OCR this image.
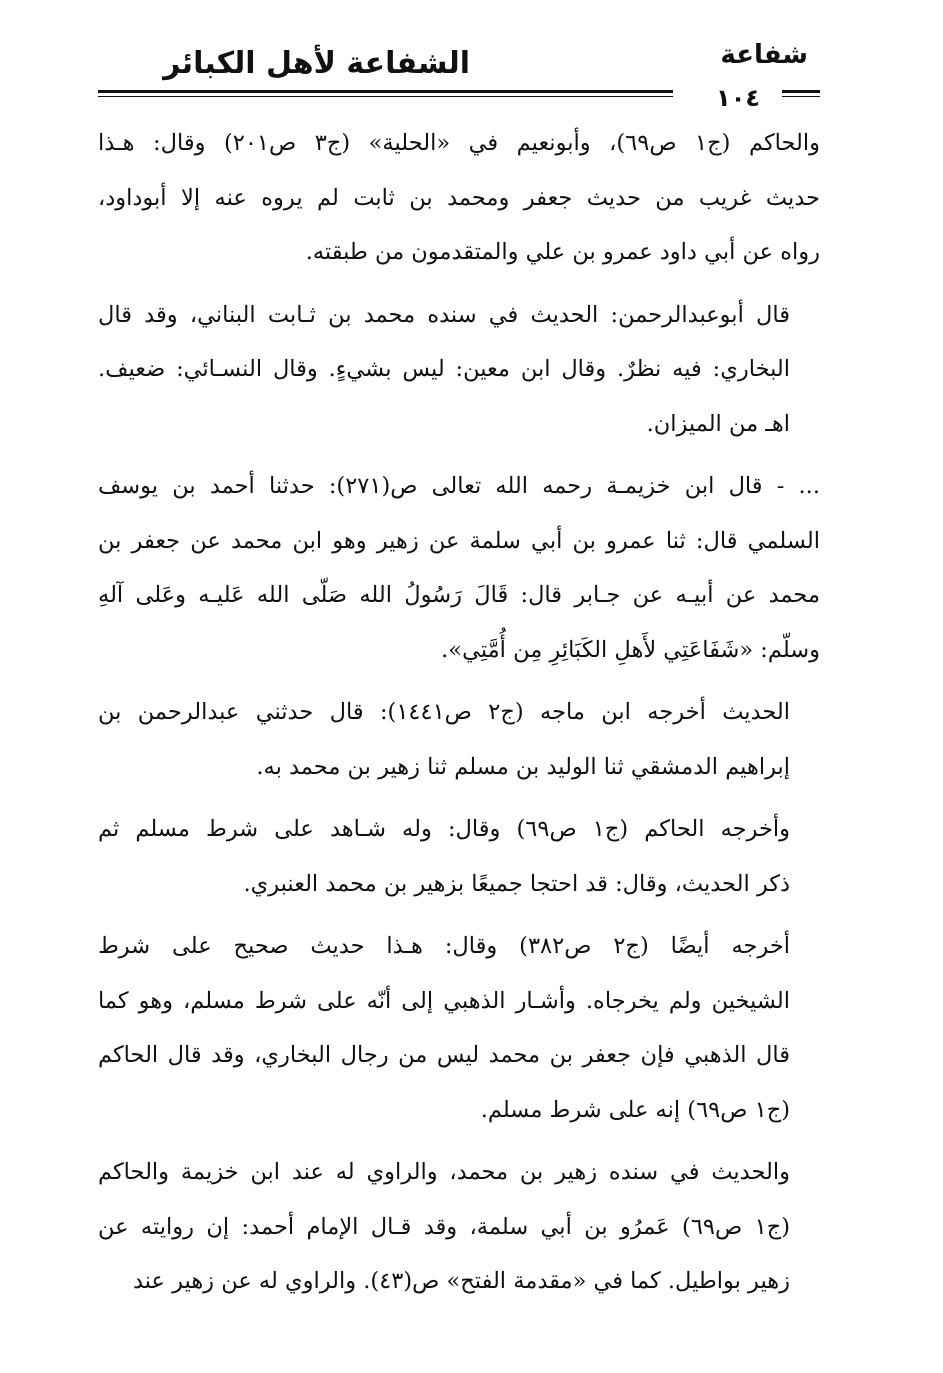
شفاعة
١٠٤
الشفاعة لأهل الكبائر
والحاكم (ج١ ص٦٩)، وأبونعيم في «الحلية» (ج٣ ص٢٠١) وقال: هـذا
حديث غريب من حديث جعفر ومحمد بن ثابت لم يروه عنه إلا أبوداود،
رواه عن أبي داود عمرو بن علي والمتقدمون من طبقته.
قال أبوعبدالرحمن: الحديث في سنده محمد بن ثـابت البناني، وقد قال
البخاري: فيه نظرٌ. وقال ابن معين: ليس بشيءٍ. وقال النسـائي: ضعيف.
اهـ من الميزان.
... - قال ابن خزيمـة رحمه الله تعالى ص(٢٧١): حدثنا أحمد بن يوسف
السلمي قال: ثنا عمرو بن أبي سلمة عن زهير وهو ابن محمد عن جعفر بن
محمد عن أبيـه عن جـابر قال: قَالَ رَسُولُ الله صَلّى الله عَليـه وعَلى آلهِ
وسلّم: «شَفَاعَتِي لأَهلِ الكَبَائِرِ مِن أُمَّتِي».
الحديث أخرجه ابن ماجه (ج٢ ص١٤٤١): قال حدثني عبدالرحمن بن
إبراهيم الدمشقي ثنا الوليد بن مسلم ثنا زهير بن محمد به.
وأخرجه الحاكم (ج١ ص٦٩) وقال: وله شـاهد على شرط مسلم ثم
ذكر الحديث، وقال: قد احتجا جميعًا بزهير بن محمد العنبري.
أخرجه أيضًا (ج٢ ص٣٨٢) وقال: هـذا حديث صحيح على شرط
الشيخين ولم يخرجاه. وأشـار الذهبي إلى أنّه على شرط مسلم، وهو كما
قال الذهبي فإن جعفر بن محمد ليس من رجال البخاري، وقد قال الحاكم
(ج١ ص٦٩) إنه على شرط مسلم.
والحديث في سنده زهير بن محمد، والراوي له عند ابن خزيمة والحاكم
(ج١ ص٦٩) عَمرُو بن أبي سلمة، وقد قـال الإمام أحمد: إن روايته عن
زهير بواطيل. كما في «مقدمة الفتح» ص(٤٣). والراوي له عن زهير عند
